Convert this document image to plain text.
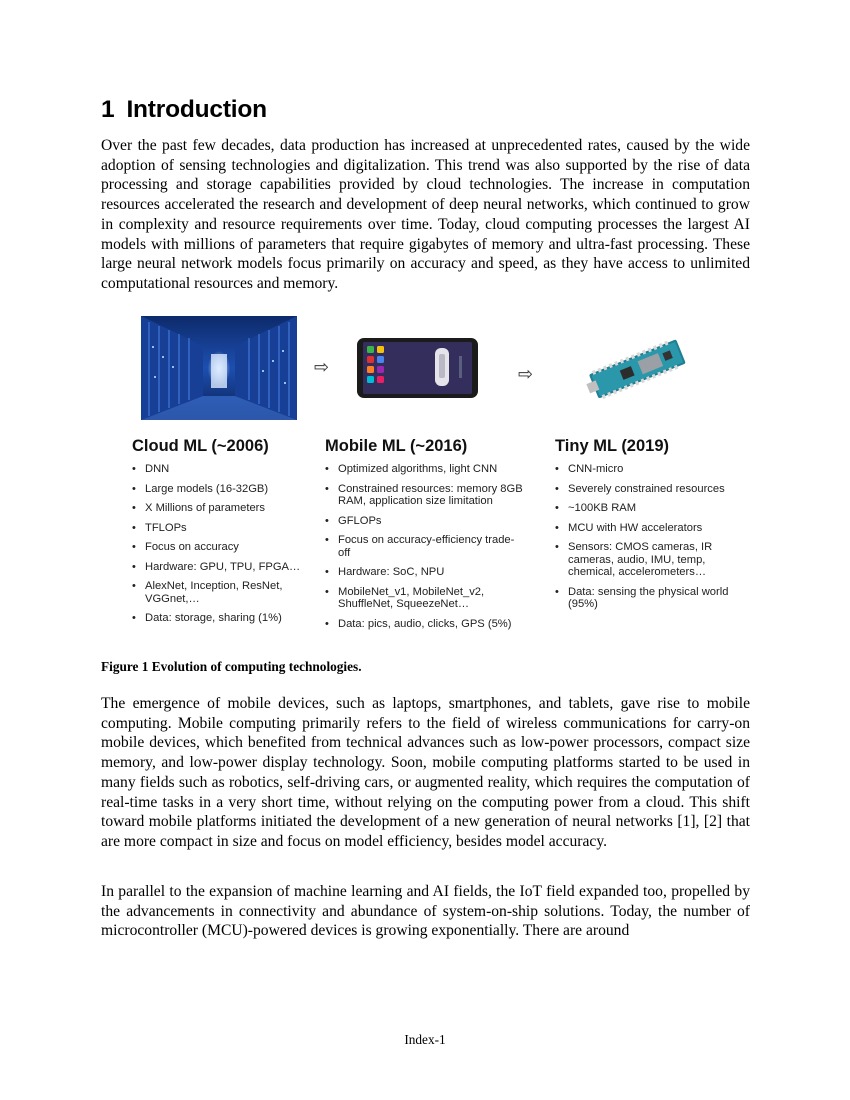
1 Introduction

Over the past few decades, data production has increased at unprecedented rates, caused by the wide adoption of sensing technologies and digitalization. This trend was also supported by the rise of data processing and storage capabilities provided by cloud technologies. The increase in computation resources accelerated the research and development of deep neural networks, which continued to grow in complexity and resource requirements over time. Today, cloud computing processes the largest AI models with millions of parameters that require gigabytes of memory and ultra-fast processing. These large neural network models focus primarily on accuracy and speed, as they have access to unlimited computational resources and memory.

⇨	⇨
Cloud ML (~2006)
• DNN
• Large models (16-32GB)
• X Millions of parameters
• TFLOPs
• Focus on accuracy
• Hardware: GPU, TPU, FPGA…
• AlexNet, Inception, ResNet, VGGnet,…
• Data: storage, sharing (1%)
Mobile ML (~2016)
• Optimized algorithms, light CNN
• Constrained resources: memory 8GB RAM, application size limitation
• GFLOPs
• Focus on accuracy-efficiency trade-off
• Hardware: SoC, NPU
• MobileNet_v1, MobileNet_v2, ShuffleNet, SqueezeNet…
• Data: pics, audio, clicks, GPS (5%)
Tiny ML (2019)
• CNN-micro
• Severely constrained resources
• ~100KB RAM
• MCU with HW accelerators
• Sensors: CMOS cameras, IR cameras, audio, IMU, temp, chemical, accelerometers…
• Data: sensing the physical world (95%)

Figure 1 Evolution of computing technologies.

The emergence of mobile devices, such as laptops, smartphones, and tablets, gave rise to mobile computing. Mobile computing primarily refers to the field of wireless communications for carry-on mobile devices, which benefited from technical advances such as low-power processors, compact size memory, and low-power display technology. Soon, mobile computing platforms started to be used in many fields such as robotics, self-driving cars, or augmented reality, which requires the computation of real-time tasks in a very short time, without relying on the computing power from a cloud. This shift toward mobile platforms initiated the development of a new generation of neural networks [1], [2] that are more compact in size and focus on model efficiency, besides model accuracy.

In parallel to the expansion of machine learning and AI fields, the IoT field expanded too, propelled by the advancements in connectivity and abundance of system-on-ship solutions. Today, the number of microcontroller (MCU)-powered devices is growing exponentially. There are around

Index-1
